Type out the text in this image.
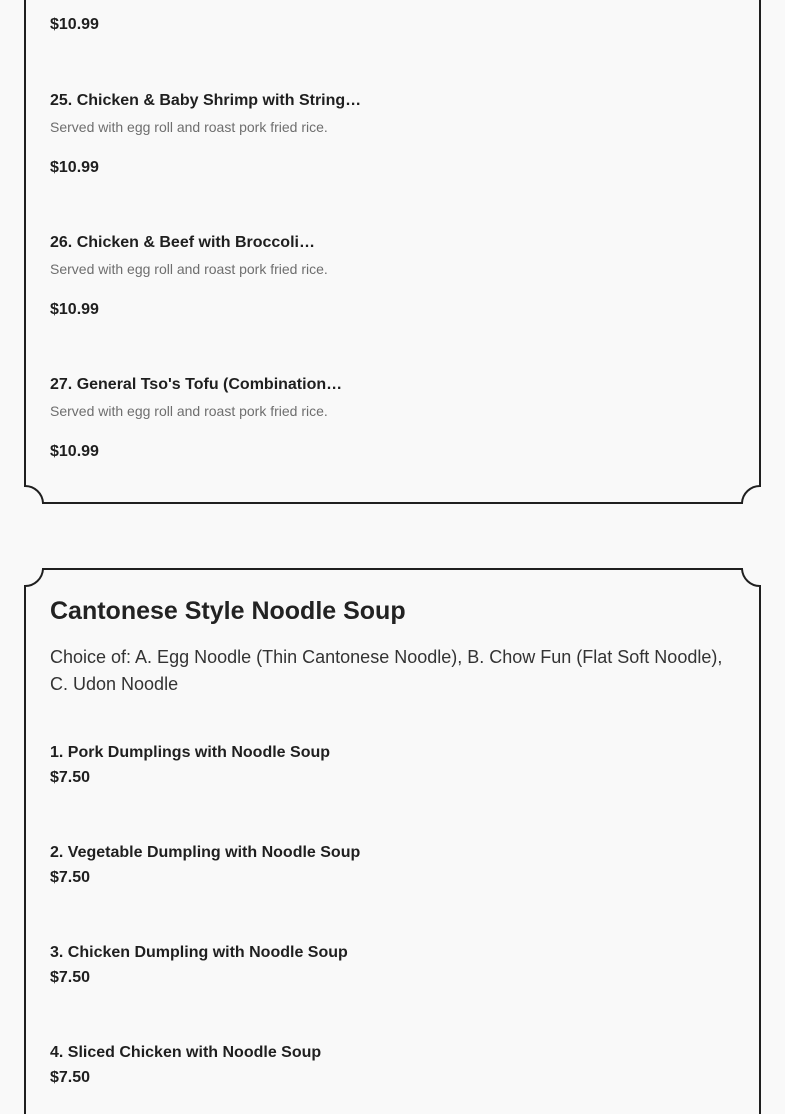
$10.99
25. Chicken & Baby Shrimp with String…
Served with egg roll and roast pork fried rice.
$10.99
26. Chicken & Beef with Broccoli…
Served with egg roll and roast pork fried rice.
$10.99
27. General Tso's Tofu (Combination…
Served with egg roll and roast pork fried rice.
$10.99
Cantonese Style Noodle Soup
Choice of: A. Egg Noodle (Thin Cantonese Noodle), B. Chow Fun (Flat Soft Noodle), C. Udon Noodle
1. Pork Dumplings with Noodle Soup
$7.50
2. Vegetable Dumpling with Noodle Soup
$7.50
3. Chicken Dumpling with Noodle Soup
$7.50
4. Sliced Chicken with Noodle Soup
$7.50
